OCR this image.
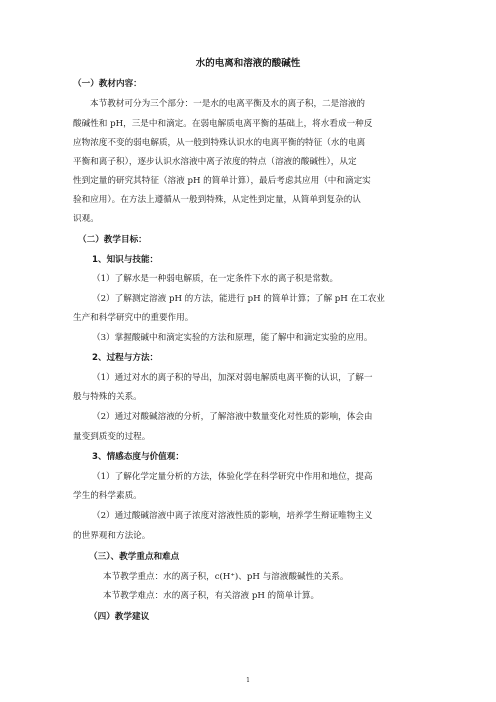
水的电离和溶液的酸碱性
（一）教材内容：
本节教材可分为三个部分：一是水的电离平衡及水的离子积，二是溶液的
酸碱性和 pH，三是中和滴定。在弱电解质电离平衡的基础上，将水看成一种反
应物浓度不变的弱电解质，从一般到特殊认识水的电离平衡的特征（水的电离
平衡和离子积），逐步认识水溶液中离子浓度的特点（溶液的酸碱性），从定
性到定量的研究其特征（溶液 pH 的简单计算），最后考虑其应用（中和滴定实
验和应用）。在方法上遵循从一般到特殊，从定性到定量，从简单到复杂的认
识观。
（二）教学目标：
1、知识与技能：
（1）了解水是一种弱电解质，在一定条件下水的离子积是常数。
（2）了解测定溶液 pH 的方法，能进行 pH 的简单计算；了解 pH 在工农业
生产和科学研究中的重要作用。
（3）掌握酸碱中和滴定实验的方法和原理，能了解中和滴定实验的应用。
2、过程与方法：
（1）通过对水的离子积的导出，加深对弱电解质电离平衡的认识，了解一
般与特殊的关系。
（2）通过对酸碱溶液的分析，了解溶液中数量变化对性质的影响，体会由
量变到质变的过程。
3、情感态度与价值观：
（1）了解化学定量分析的方法，体验化学在科学研究中作用和地位，提高
学生的科学素质。
（2）通过酸碱溶液中离子浓度对溶液性质的影响，培养学生辩证唯物主义
的世界观和方法论。
（三）、教学重点和难点
本节教学重点：水的离子积，c(H⁺)、pH 与溶液酸碱性的关系。
本节教学难点：水的离子积，有关溶液 pH 的简单计算。
（四）教学建议
1
